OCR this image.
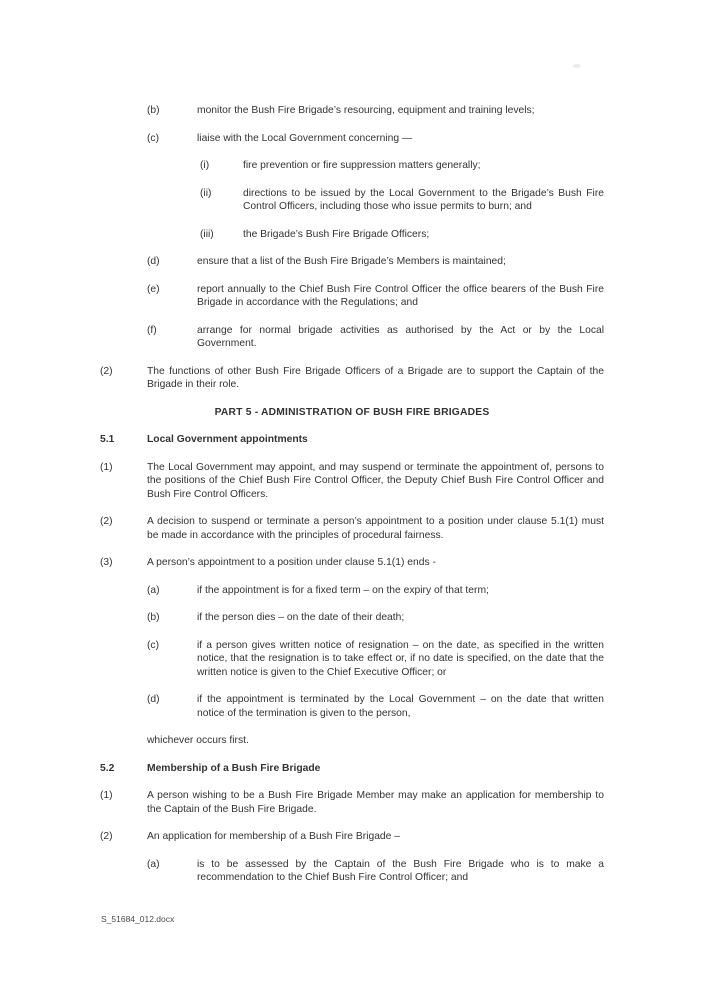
(b)	monitor the Bush Fire Brigade’s resourcing, equipment and training levels;
(c)	liaise with the Local Government concerning —
(i)	fire prevention or fire suppression matters generally;
(ii)	directions to be issued by the Local Government to the Brigade’s Bush Fire Control Officers, including those who issue permits to burn; and
(iii)	the Brigade’s Bush Fire Brigade Officers;
(d)	ensure that a list of the Bush Fire Brigade’s Members is maintained;
(e)	report annually to the Chief Bush Fire Control Officer the office bearers of the Bush Fire Brigade in accordance with the Regulations; and
(f)	arrange for normal brigade activities as authorised by the Act or by the Local Government.
(2)	The functions of other Bush Fire Brigade Officers of a Brigade are to support the Captain of the Brigade in their role.
PART 5 - ADMINISTRATION OF BUSH FIRE BRIGADES
5.1	Local Government appointments
(1)	The Local Government may appoint, and may suspend or terminate the appointment of, persons to the positions of the Chief Bush Fire Control Officer, the Deputy Chief Bush Fire Control Officer and Bush Fire Control Officers.
(2)	A decision to suspend or terminate a person’s appointment to a position under clause 5.1(1) must be made in accordance with the principles of procedural fairness.
(3)	A person’s appointment to a position under clause 5.1(1) ends -
(a)	if the appointment is for a fixed term – on the expiry of that term;
(b)	if the person dies – on the date of their death;
(c)	if a person gives written notice of resignation – on the date, as specified in the written notice, that the resignation is to take effect or, if no date is specified, on the date that the written notice is given to the Chief Executive Officer; or
(d)	if the appointment is terminated by the Local Government – on the date that written notice of the termination is given to the person,
whichever occurs first.
5.2	Membership of a Bush Fire Brigade
(1)	A person wishing to be a Bush Fire Brigade Member may make an application for membership to the Captain of the Bush Fire Brigade.
(2)	An application for membership of a Bush Fire Brigade –
(a)	is to be assessed by the Captain of the Bush Fire Brigade who is to make a recommendation to the Chief Bush Fire Control Officer; and
S_51684_012.docx
